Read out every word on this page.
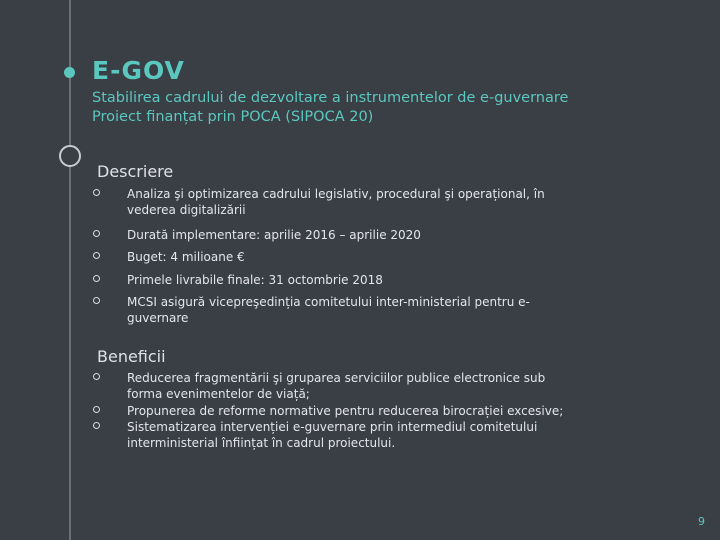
E-GOV
Stabilirea cadrului de dezvoltare a instrumentelor de e-guvernare
Proiect finanțat prin POCA (SIPOCA 20)
Descriere
Analiza şi optimizarea cadrului legislativ, procedural şi operațional, în
vederea digitalizării
Durată implementare: aprilie 2016 – aprilie 2020
Buget: 4 milioane €
Primele livrabile finale: 31 octombrie 2018
MCSI asigură vicepreşedinția comitetului inter-ministerial pentru e-
guvernare
Beneficii
Reducerea fragmentării şi gruparea serviciilor publice electronice sub
forma evenimentelor de viață;
Propunerea de reforme normative pentru reducerea birocrației excesive;
Sistematizarea intervenției e-guvernare prin intermediul comitetului
interministerial înființat în cadrul proiectului.
9
